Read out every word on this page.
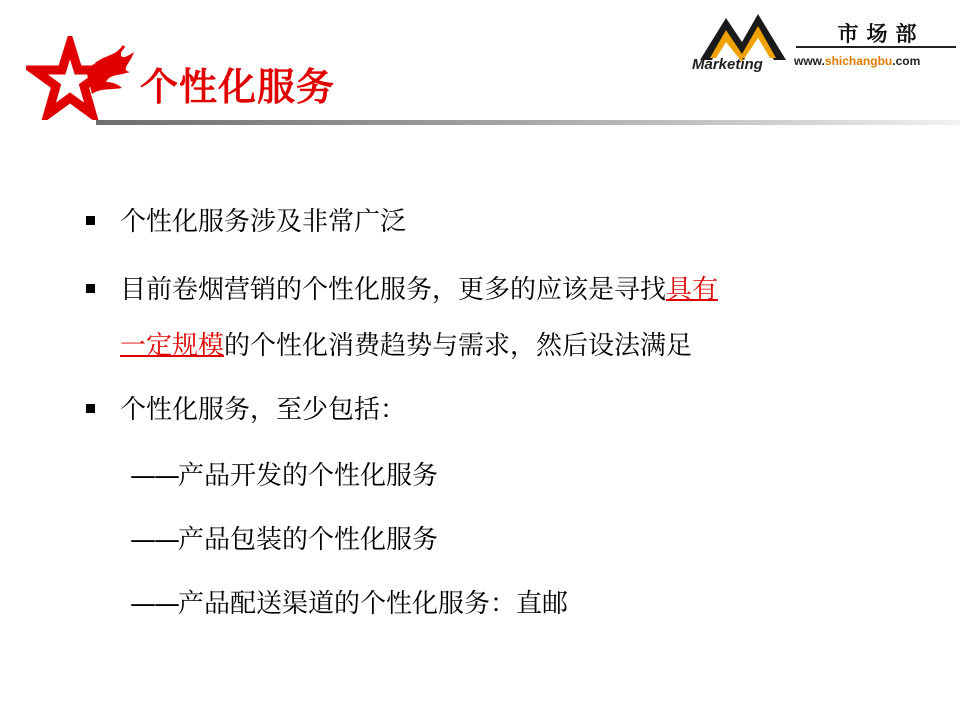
个性化服务
Marketing
市场部
www.shichangbu.com
个性化服务涉及非常广泛
目前卷烟营销的个性化服务，更多的应该是寻找具有
一定规模的个性化消费趋势与需求，然后设法满足
个性化服务，至少包括：
——产品开发的个性化服务
——产品包装的个性化服务
——产品配送渠道的个性化服务：直邮
